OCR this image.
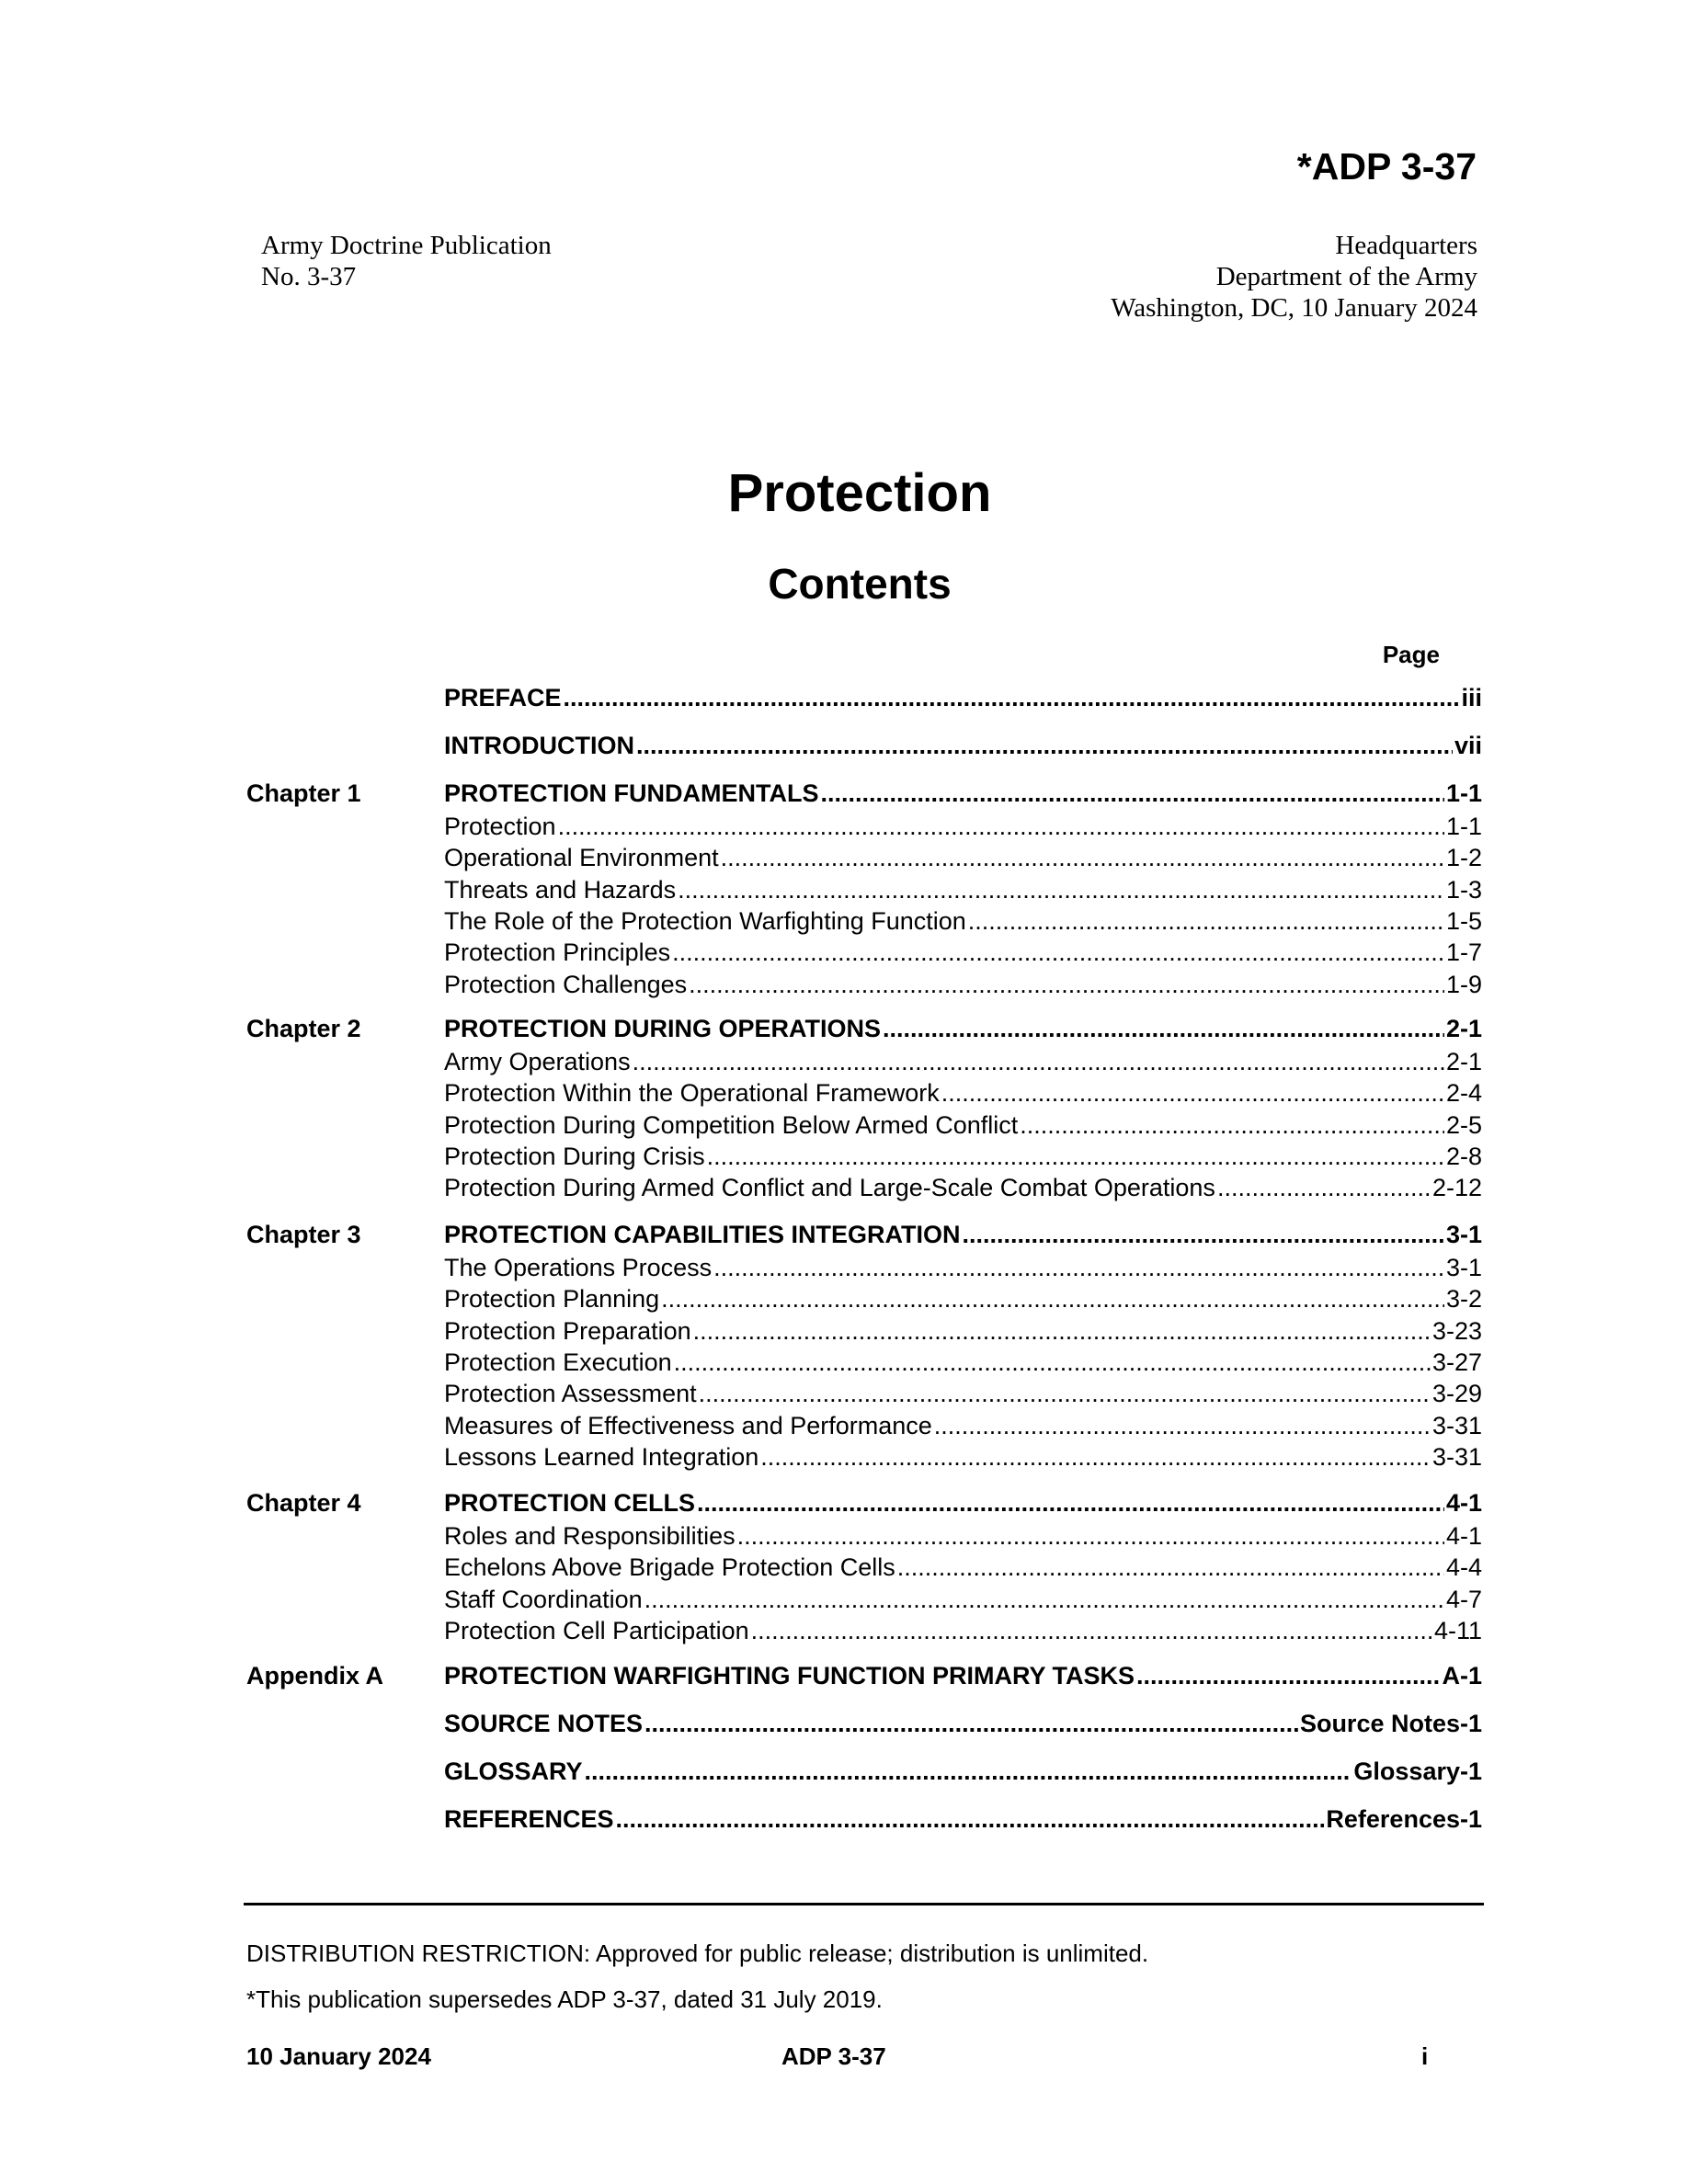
*ADP 3-37
Army Doctrine Publication
No. 3-37
Headquarters
Department of the Army
Washington, DC, 10 January 2024
Protection
Contents
Page
PREFACE .....	iii
INTRODUCTION .....	vii
Chapter 1	PROTECTION FUNDAMENTALS .....	1-1
Protection .....	1-1
Operational Environment .....	1-2
Threats and Hazards .....	1-3
The Role of the Protection Warfighting Function .....	1-5
Protection Principles .....	1-7
Protection Challenges .....	1-9
Chapter 2	PROTECTION DURING OPERATIONS .....	2-1
Army Operations .....	2-1
Protection Within the Operational Framework .....	2-4
Protection During Competition Below Armed Conflict .....	2-5
Protection During Crisis .....	2-8
Protection During Armed Conflict and Large-Scale Combat Operations .....	2-12
Chapter 3	PROTECTION CAPABILITIES INTEGRATION .....	3-1
The Operations Process .....	3-1
Protection Planning .....	3-2
Protection Preparation .....	3-23
Protection Execution .....	3-27
Protection Assessment .....	3-29
Measures of Effectiveness and Performance .....	3-31
Lessons Learned Integration .....	3-31
Chapter 4	PROTECTION CELLS .....	4-1
Roles and Responsibilities .....	4-1
Echelons Above Brigade Protection Cells .....	4-4
Staff Coordination .....	4-7
Protection Cell Participation .....	4-11
Appendix A PROTECTION WARFIGHTING FUNCTION PRIMARY TASKS .....	A-1
SOURCE NOTES .....	Source Notes-1
GLOSSARY .....	Glossary-1
REFERENCES .....	References-1
DISTRIBUTION RESTRICTION: Approved for public release; distribution is unlimited.
*This publication supersedes ADP 3-37, dated 31 July 2019.
10 January 2024	ADP 3-37	i
